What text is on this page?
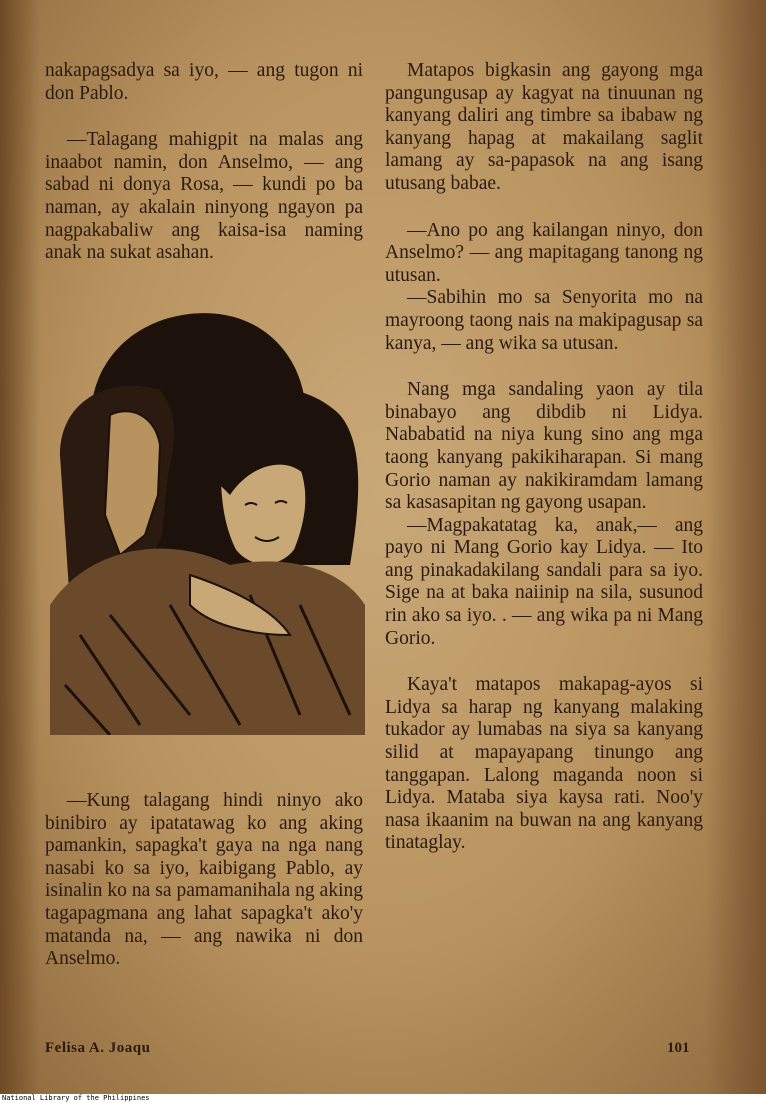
nakapagsadya sa iyo, — ang tugon ni don Pablo.

—Talagang mahigpit na malas ang inaabot namin, don Anselmo, — ang sabad ni donya Rosa, — kundi po ba naman, ay akalain ninyong ngayon pa nagpakabaliw ang kaisa-isa naming anak na sukat asahan.

—Kung talagang hindi ninyo ako binibiro ay ipatatawag ko ang aking pamankin, sapagka't gaya na nga nang nasabi ko sa iyo, kaibigang Pablo, ay isinalin ko na sa pamamanihala ng aking tagapagmana ang lahat sapagka't ako'y matanda na, — ang nawika ni don Anselmo.

Matapos bigkasin ang gayong mga pangungusap ay kagyat na tinuunan ng kanyang daliri ang timbre sa ibabaw ng kanyang hapag at makailang saglit lamang ay sa-papasok na ang isang utusang babae.

—Ano po ang kailangan ninyo, don Anselmo? — ang mapitagang tanong ng utusan.

—Sabihin mo sa Senyorita mo na mayroong taong nais na makipagusap sa kanya, — ang wika sa utusan.

Nang mga sandaling yaon ay tila binabayo ang dibdib ni Lidya. Nababatid na niya kung sino ang mga taong kanyang pakikiharapan. Si mang Gorio naman ay nakikiramdam lamang sa kasasapitan ng gayong usapan.

—Magpakatatag ka, anak,— ang payo ni Mang Gorio kay Lidya. — Ito ang pinakadakilang sandali para sa iyo. Sige na at baka naiinip na sila, susunod rin ako sa iyo. . — ang wika pa ni Mang Gorio.

Kaya't matapos makapag-ayos si Lidya sa harap ng kanyang malaking tukador ay lumabas na siya sa kanyang silid at mapayapang tinungo ang tanggapan. Lalong maganda noon si Lidya. Mataba siya kaysa rati. Noo'y nasa ikaanim na buwan na ang kanyang tinataglay.

Felisa A. Joaqu	101
National Library of the Philippines
